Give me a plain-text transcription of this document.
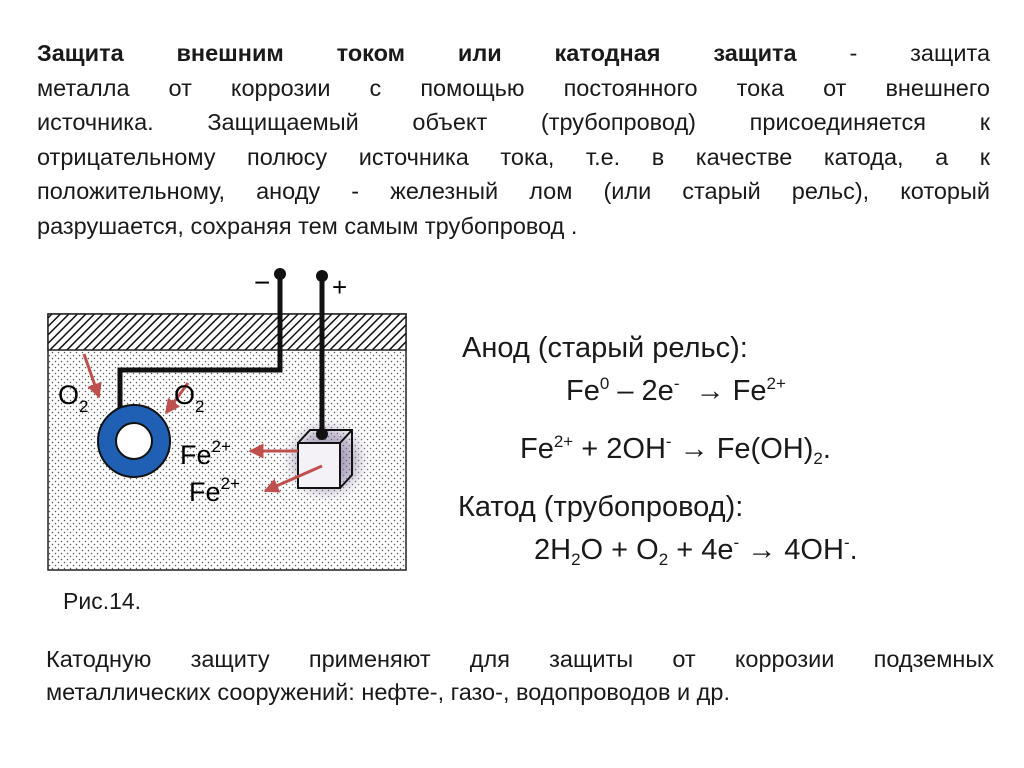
Защита внешним током или катодная защита - защита
металла от коррозии с помощью постоянного тока от внешнего
источника. Защищаемый объект (трубопровод) присоединяется к
отрицательному полюсу источника тока, т.е. в качестве катода, а к
положительному, аноду - железный лом (или старый рельс), который
разрушается, сохраняя тем самым трубопровод .
− +
$O_2$	$O_2$
$Fe^{2+}$
$Fe^{2+}$
Анод (старый рельс):
$Fe^0 - 2e^- \to Fe^{2+}$
$Fe^{2+} + 2OH^- \to Fe(OH)_2$.
Катод (трубопровод):
$2H_2O + O_2 + 4e^- \to 4OH^-$.
Рис.14.
Катодную защиту применяют для защиты от коррозии подземных
металлических сооружений: нефте-, газо-, водопроводов и др.
